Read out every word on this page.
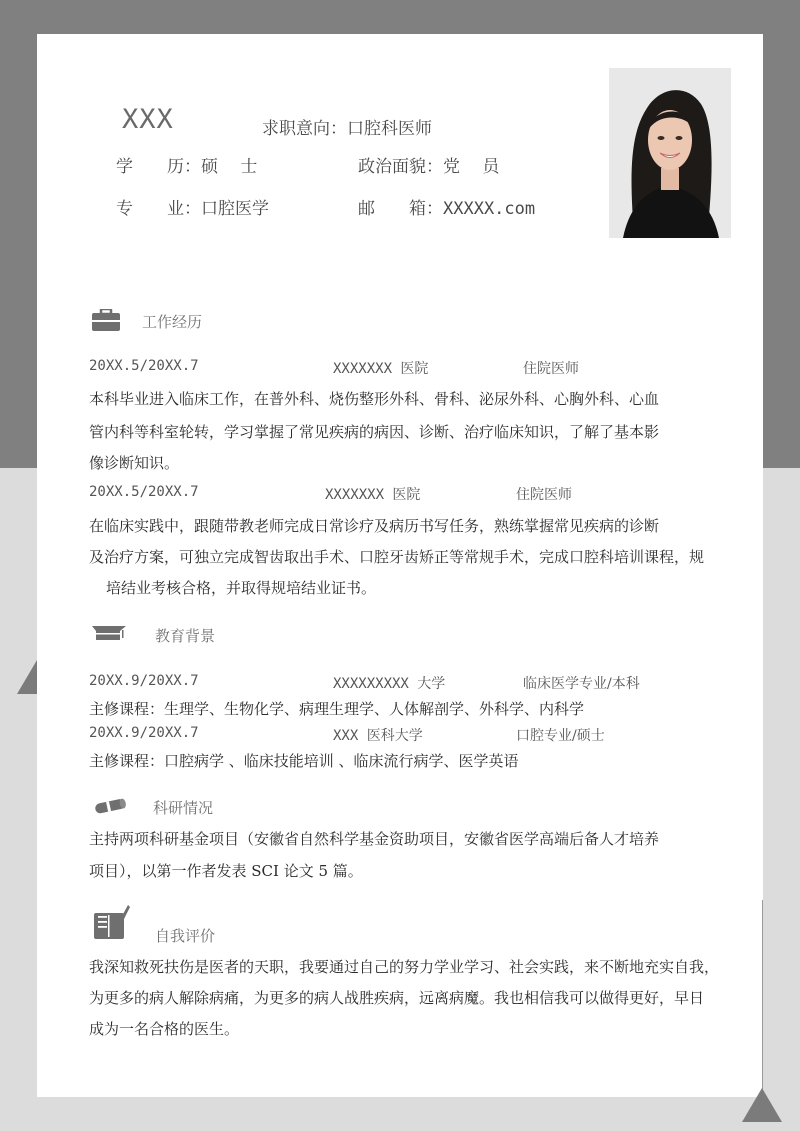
XXX	求职意向：口腔科医师
学　　历：硕　 士	政治面貌：党　 员
专　　业：口腔医学	邮　　箱：XXXXX.com
工作经历
20XX.5/20XX.7	XXXXXXX 医院	住院医师
本科毕业进入临床工作，在普外科、烧伤整形外科、骨科、泌尿外科、心胸外科、心血
管内科等科室轮转，学习掌握了常见疾病的病因、诊断、治疗临床知识，了解了基本影
像诊断知识。
20XX.5/20XX.7	XXXXXXX 医院	住院医师
在临床实践中，跟随带教老师完成日常诊疗及病历书写任务，熟练掌握常见疾病的诊断
及治疗方案，可独立完成智齿取出手术、口腔牙齿矫正等常规手术，完成口腔科培训课程，规
培结业考核合格，并取得规培结业证书。
教育背景
20XX.9/20XX.7	XXXXXXXXX 大学	临床医学专业/本科
主修课程：生理学、生物化学、病理生理学、人体解剖学、外科学、内科学
20XX.9/20XX.7	XXX 医科大学	口腔专业/硕士
主修课程：口腔病学 、临床技能培训 、临床流行病学、医学英语
科研情况
主持两项科研基金项目（安徽省自然科学基金资助项目，安徽省医学高端后备人才培养
项目），以第一作者发表 SCI 论文 5 篇。
自我评价
我深知救死扶伤是医者的天职，我要通过自己的努力学业学习、社会实践，来不断地充实自我，
为更多的病人解除病痛，为更多的病人战胜疾病，远离病魔。我也相信我可以做得更好，早日
成为一名合格的医生。
